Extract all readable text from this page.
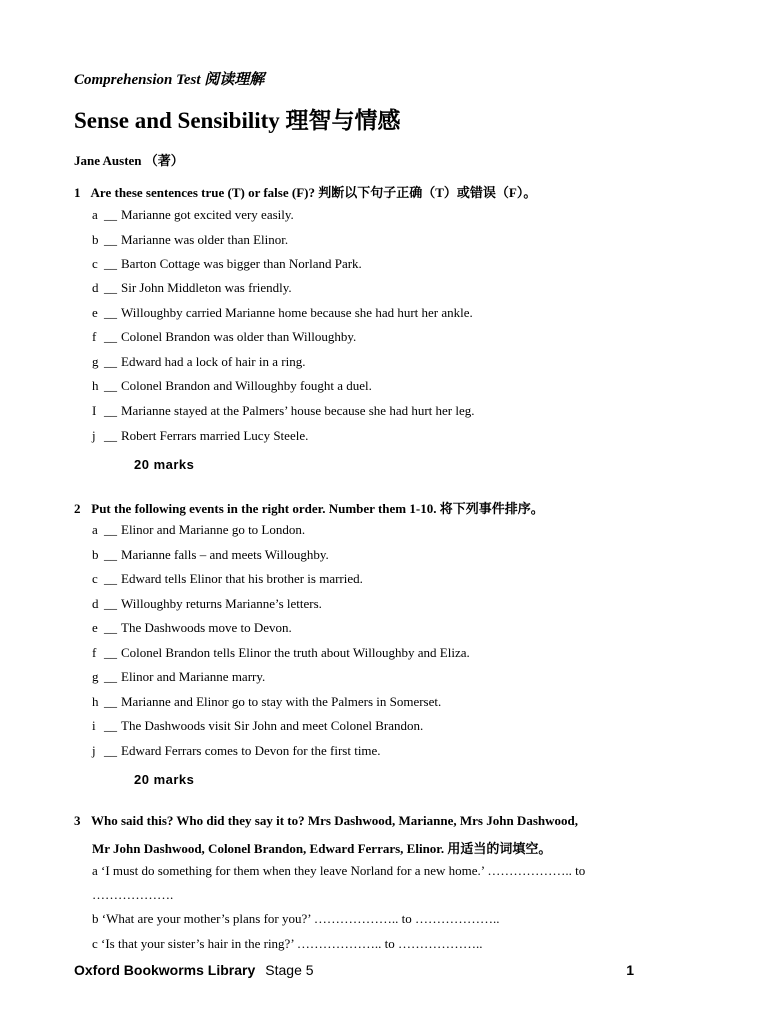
Comprehension Test 阅读理解
Sense and Sensibility 理智与情感
Jane Austen （著）
1 Are these sentences true (T) or false (F)? 判断以下句子正确（T）或错误（F）。
a __ Marianne got excited very easily.
b __ Marianne was older than Elinor.
c __ Barton Cottage was bigger than Norland Park.
d __ Sir John Middleton was friendly.
e __ Willoughby carried Marianne home because she had hurt her ankle.
f __ Colonel Brandon was older than Willoughby.
g __ Edward had a lock of hair in a ring.
h __ Colonel Brandon and Willoughby fought a duel.
I __ Marianne stayed at the Palmers’ house because she had hurt her leg.
j __ Robert Ferrars married Lucy Steele.
20 marks
2 Put the following events in the right order. Number them 1-10. 将下列事件排序。
a __ Elinor and Marianne go to London.
b __ Marianne falls – and meets Willoughby.
c __ Edward tells Elinor that his brother is married.
d __ Willoughby returns Marianne’s letters.
e __ The Dashwoods move to Devon.
f __ Colonel Brandon tells Elinor the truth about Willoughby and Eliza.
g __ Elinor and Marianne marry.
h __ Marianne and Elinor go to stay with the Palmers in Somerset.
i __ The Dashwoods visit Sir John and meet Colonel Brandon.
j __ Edward Ferrars comes to Devon for the first time.
20 marks
3 Who said this? Who did they say it to? Mrs Dashwood, Marianne, Mrs John Dashwood,
Mr John Dashwood, Colonel Brandon, Edward Ferrars, Elinor. 用适当的词填空。
a ‘I must do something for them when they leave Norland for a new home.’ ……………….. to
……………….
b ‘What are your mother’s plans for you?’ ……………….. to ………………..
c ‘Is that your sister’s hair in the ring?’ ……………….. to ………………..
Oxford Bookworms Library Stage 5	1
